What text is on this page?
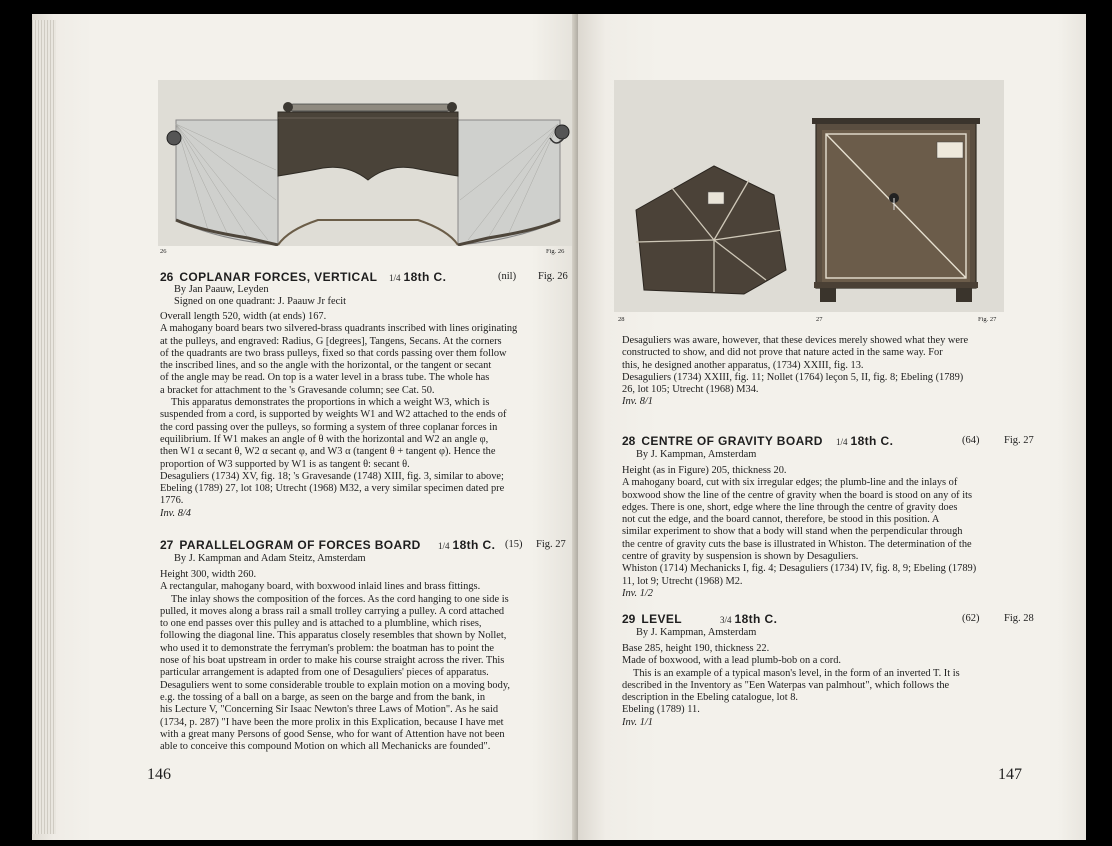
26	Fig. 26
26 COPLANAR FORCES, VERTICAL	1/4 18th C.	(nil) Fig. 26
By Jan Paauw, Leyden
Signed on one quadrant: J. Paauw Jr fecit

Overall length 520, width (at ends) 167.

A mahogany board bears two silvered-brass quadrants inscribed with lines originating

at the pulleys, and engraved: Radius, G [degrees], Tangens, Secans. At the corners

of the quadrants are two brass pulleys, fixed so that cords passing over them follow

the inscribed lines, and so the angle with the horizontal, or the tangent or secant

of the angle may be read. On top is a water level in a brass tube. The whole has

a bracket for attachment to the 's Gravesande column; see Cat. 50.

This apparatus demonstrates the proportions in which a weight W3, which is

suspended from a cord, is supported by weights W1 and W2 attached to the ends of

the cord passing over the pulleys, so forming a system of three coplanar forces in

equilibrium. If W1 makes an angle of θ with the horizontal and W2 an angle φ,

then W1 α secant θ, W2 α secant φ, and W3 α (tangent θ + tangent φ). Hence the

proportion of W3 supported by W1 is as tangent θ: secant θ.

Desaguliers (1734) XV, fig. 18; 's Gravesande (1748) XIII, fig. 3, similar to above;

Ebeling (1789) 27, lot 108; Utrecht (1968) M32, a very similar specimen dated pre

1776.

Inv. 8/4

27 PARALLELOGRAM OF FORCES BOARD 1/4 18th C. (15) Fig. 27
By J. Kampman and Adam Steitz, Amsterdam

Height 300, width 260.

A rectangular, mahogany board, with boxwood inlaid lines and brass fittings.

The inlay shows the composition of the forces. As the cord hanging to one side is

pulled, it moves along a brass rail a small trolley carrying a pulley. A cord attached

to one end passes over this pulley and is attached to a plumbline, which rises,

following the diagonal line. This apparatus closely resembles that shown by Nollet,

who used it to demonstrate the ferryman's problem: the boatman has to point the

nose of his boat upstream in order to make his course straight across the river. This

particular arrangement is adapted from one of Desaguliers' pieces of apparatus.

Desaguliers went to some considerable trouble to explain motion on a moving body,

e.g. the tossing of a ball on a barge, as seen on the barge and from the bank, in

his Lecture V, "Concerning Sir Isaac Newton's three Laws of Motion". As he said

(1734, p. 287) "I have been the more prolix in this Explication, because I have met

with a great many Persons of good Sense, who for want of Attention have not been

able to conceive this compound Motion on which all Mechanicks are founded".

146
28	27	Fig. 27

Desaguliers was aware, however, that these devices merely showed what they were

constructed to show, and did not prove that nature acted in the same way. For

this, he designed another apparatus, (1734) XXIII, fig. 13.

Desaguliers (1734) XXIII, fig. 11; Nollet (1764) leçon 5, II, fig. 8; Ebeling (1789)

26, lot 105; Utrecht (1968) M34.

Inv. 8/1

28 CENTRE OF GRAVITY BOARD 1/4 18th C.	(64) Fig. 27
By J. Kampman, Amsterdam

Height (as in Figure) 205, thickness 20.

A mahogany board, cut with six irregular edges; the plumb-line and the inlays of

boxwood show the line of the centre of gravity when the board is stood on any of its

edges. There is one, short, edge where the line through the centre of gravity does

not cut the edge, and the board cannot, therefore, be stood in this position. A

similar experiment to show that a body will stand when the perpendicular through

the centre of gravity cuts the base is illustrated in Whiston. The determination of the

centre of gravity by suspension is shown by Desaguliers.

Whiston (1714) Mechanicks I, fig. 4; Desaguliers (1734) IV, fig. 8, 9; Ebeling (1789)

11, lot 9; Utrecht (1968) M2.

Inv. 1/2

29 LEVEL	3/4 18th C.	(62) Fig. 28
By J. Kampman, Amsterdam

Base 285, height 190, thickness 22.

Made of boxwood, with a lead plumb-bob on a cord.

This is an example of a typical mason's level, in the form of an inverted T. It is

described in the Inventory as "Een Waterpas van palmhout", which follows the

description in the Ebeling catalogue, lot 8.

Ebeling (1789) 11.

Inv. 1/1

147
